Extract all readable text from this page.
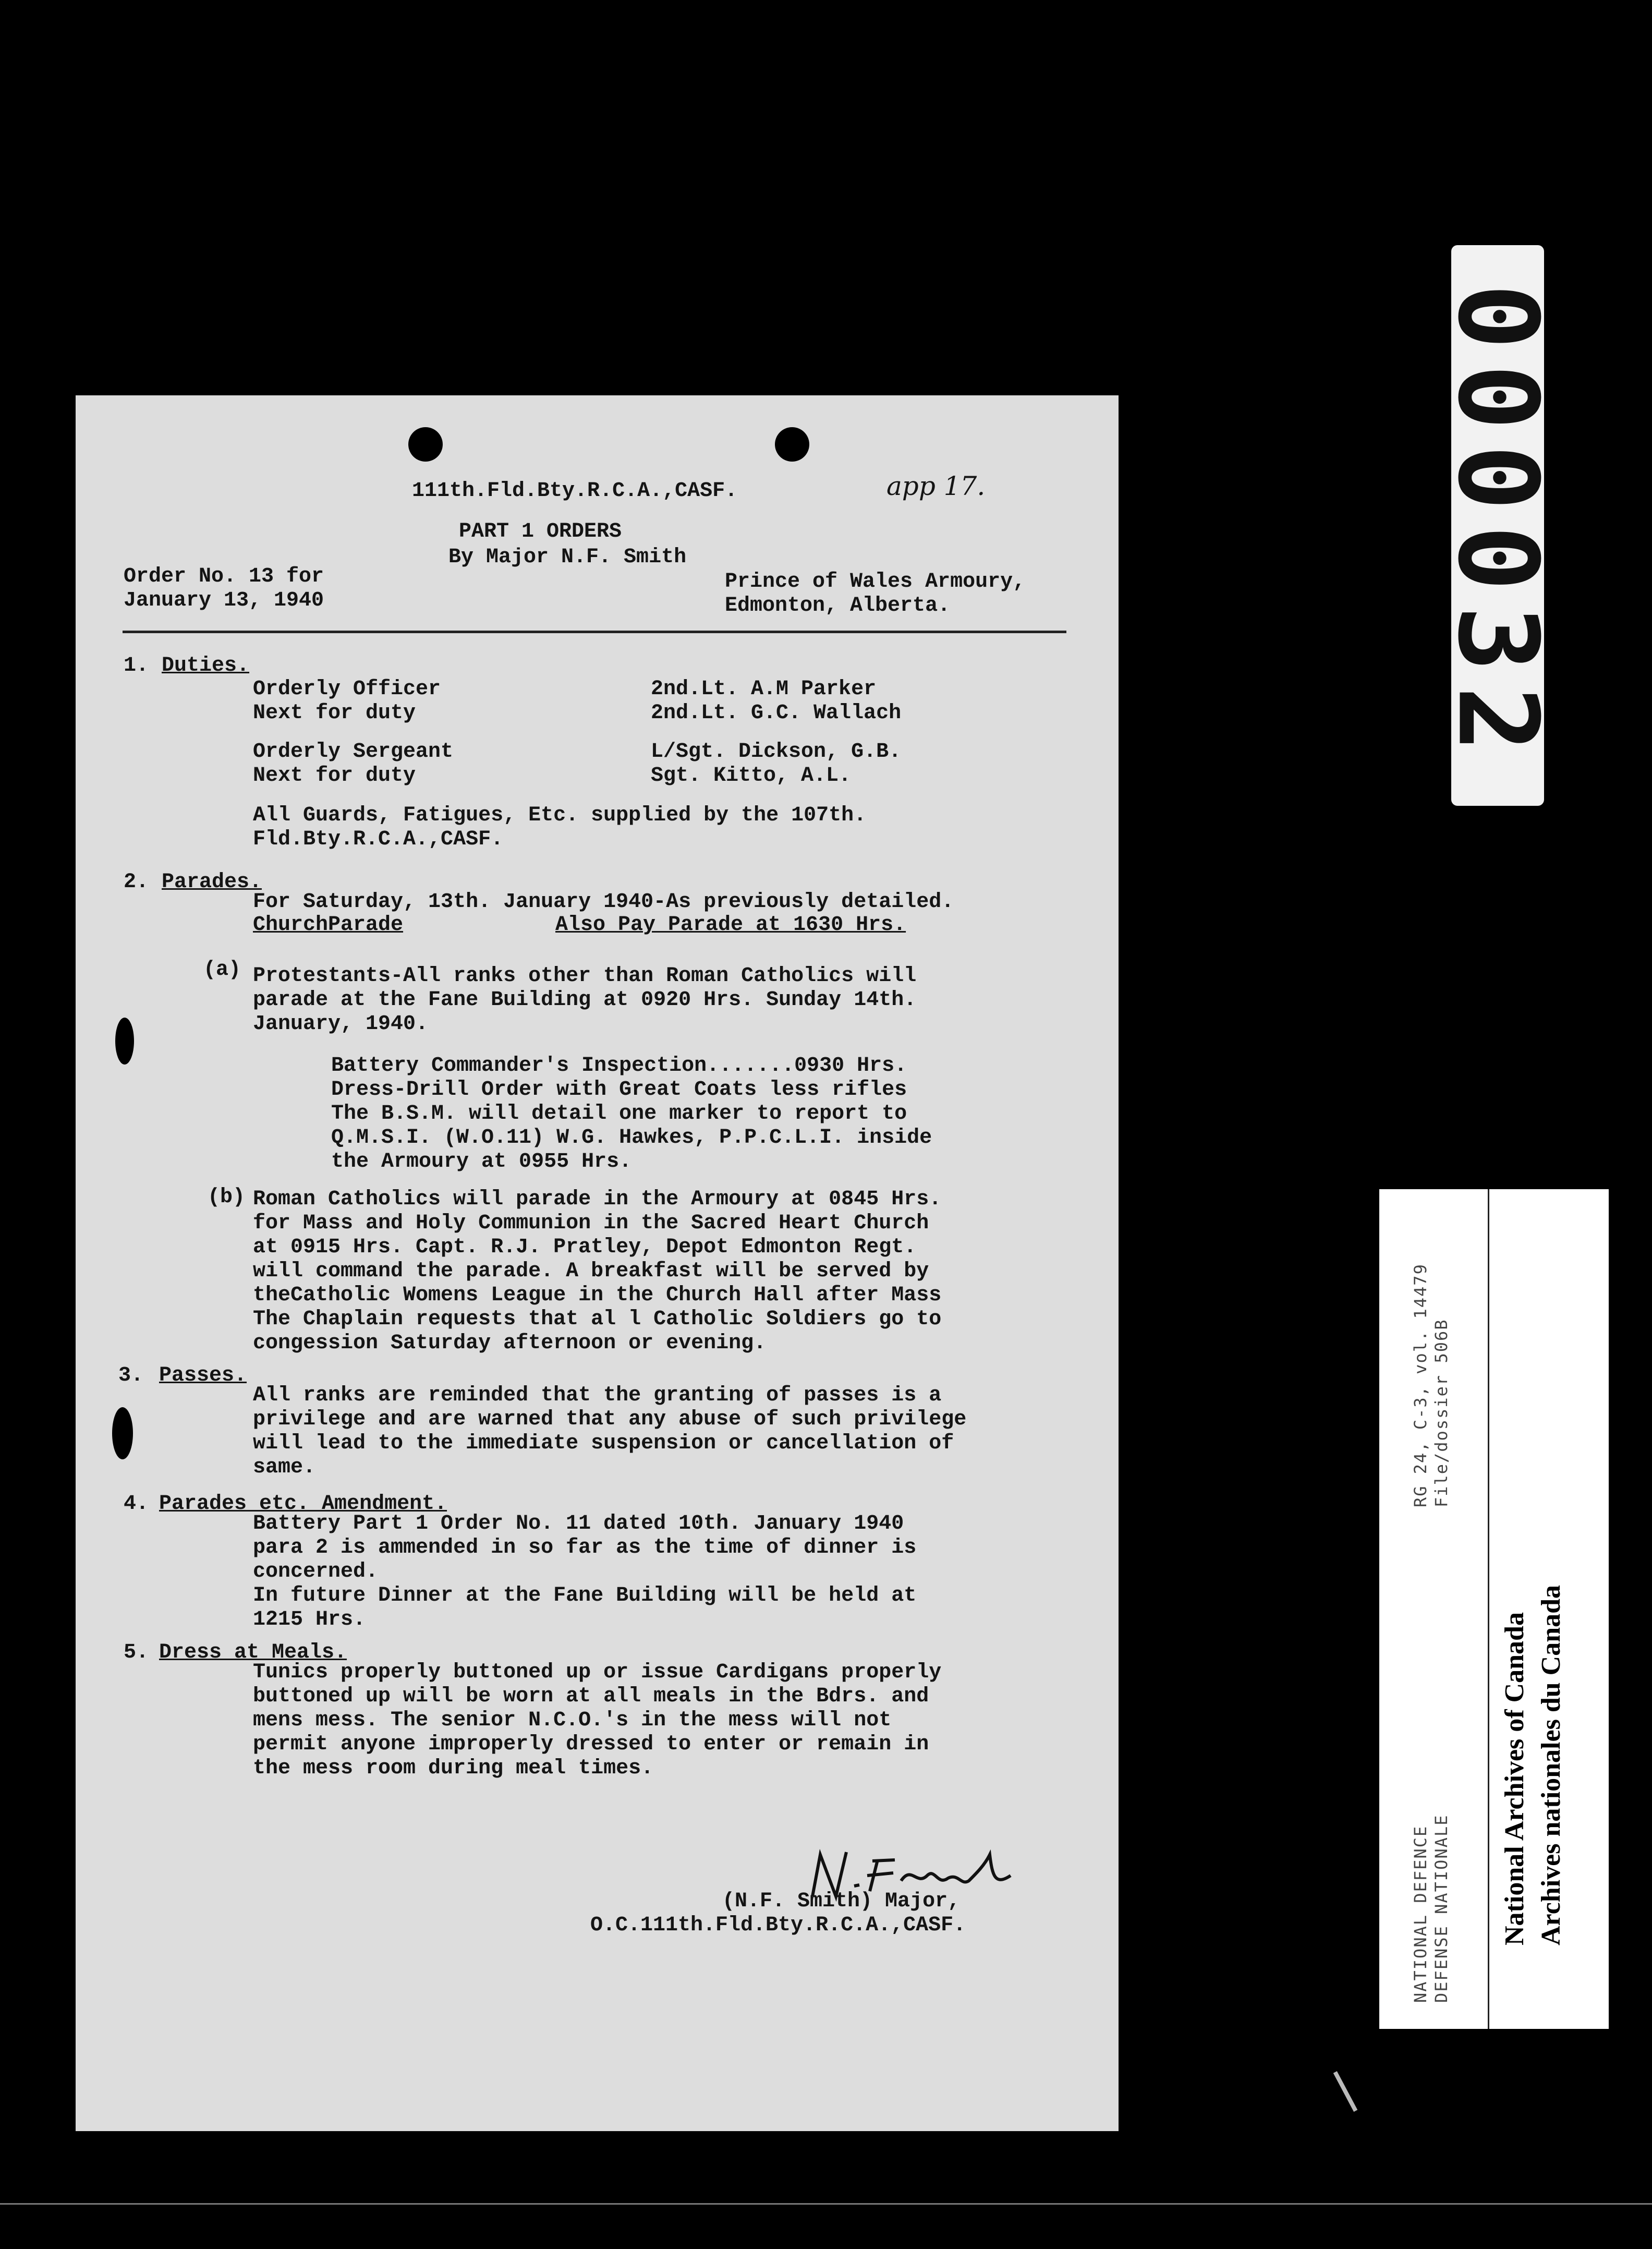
111th.Fld.Bty.R.C.A.,CASF.	app 17.

PART 1 ORDERS

By Major N.F. Smith

Order No. 13 for

January 13, 1940

Prince of Wales Armoury,

Edmonton, Alberta.

1. Duties.

Orderly Officer

Next for duty

Orderly Sergeant

Next for duty

2nd.Lt. A.M Parker

2nd.Lt. G.C. Wallach

L/Sgt. Dickson, G.B.

Sgt. Kitto, A.L.

All Guards, Fatigues, Etc. supplied by the 107th.

Fld.Bty.R.C.A.,CASF.

2. Parades.

For Saturday, 13th. January 1940-As previously detailed.

ChurchParade	Also Pay Parade at 1630 Hrs.

(a) Protestants-All ranks other than Roman Catholics will

parade at the Fane Building at 0920 Hrs. Sunday 14th.

January, 1940.

Battery Commander's Inspection.......0930 Hrs.

Dress-Drill Order with Great Coats less rifles

The B.S.M. will detail one marker to report to

Q.M.S.I. (W.O.11) W.G. Hawkes, P.P.C.L.I. inside

the Armoury at 0955 Hrs.

(b) Roman Catholics will parade in the Armoury at 0845 Hrs.

for Mass and Holy Communion in the Sacred Heart Church

at 0915 Hrs. Capt. R.J. Pratley, Depot Edmonton Regt.

will command the parade. A breakfast will be served by

theCatholic Womens League in the Church Hall after Mass

The Chaplain requests that al l Catholic Soldiers go to

congession Saturday afternoon or evening.

3. Passes.

All ranks are reminded that the granting of passes is a

privilege and are warned that any abuse of such privilege

will lead to the immediate suspension or cancellation of

same.

4. Parades etc. Amendment.

Battery Part 1 Order No. 11 dated 10th. January 1940

para 2 is ammended in so far as the time of dinner is

concerned.

In future Dinner at the Fane Building will be held at

1215 Hrs.

5. Dress at Meals.

Tunics properly buttoned up or issue Cardigans properly

buttoned up will be worn at all meals in the Bdrs. and

mens mess. The senior N.C.O.'s in the mess will not

permit anyone improperly dressed to enter or remain in

the mess room during meal times.

(N.F. Smith) Major,

O.C.111th.Fld.Bty.R.C.A.,CASF.

000032
RG 24, C-3, vol. 14479 File/dossier 506B
NATIONAL DEFENCE DEFENSE NATIONALE National Archives of Canada Archives nationales du Canada
